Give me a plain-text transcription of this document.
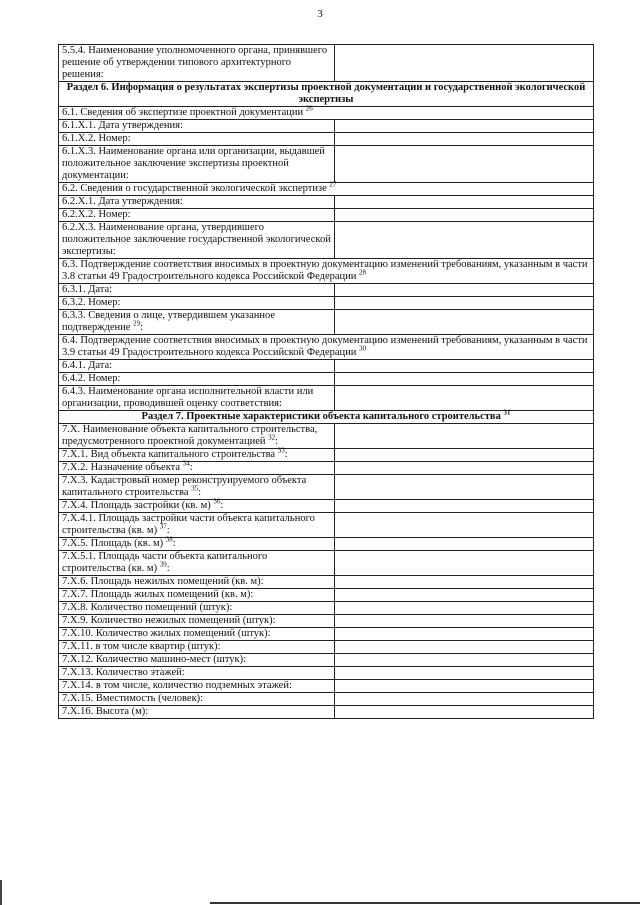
3
5.5.4. Наименование уполномоченного органа, принявшего решение об утверждении типового архитектурного решения:	
Раздел 6. Информация о результатах экспертизы проектной документации и государственной экологической экспертизы	
6.1. Сведения об экспертизе проектной документации $^{26}$
6.1.Х.1. Дата утверждения:	
6.1.Х.2. Номер:	
6.1.Х.3. Наименование органа или организации, выдавшей положительное заключение экспертизы проектной документации:	
6.2. Сведения о государственной экологической экспертизе $^{27}$
6.2.Х.1. Дата утверждения:	
6.2.Х.2. Номер:	
6.2.Х.3. Наименование органа, утвердившего положительное заключение государственной экологической экспертизы:	
6.3. Подтверждение соответствия вносимых в проектную документацию изменений требованиям, указанным в части 3.8 статьи 49 Градостроительного кодекса Российской Федерации $^{28}$
6.3.1. Дата:	
6.3.2. Номер:	
6.3.3. Сведения о лице, утвердившем указанное подтверждение $^{29}$:	
6.4. Подтверждение соответствия вносимых в проектную документацию изменений требованиям, указанным в части 3.9 статьи 49 Градостроительного кодекса Российской Федерации $^{30}$
6.4.1. Дата:	
6.4.2. Номер:	
6.4.3. Наименование органа исполнительной власти или организации, проводившей оценку соответствия:	
Раздел 7. Проектные характеристики объекта капитального строительства $^{31}$
7.Х. Наименование объекта капитального строительства, предусмотренного проектной документацией $^{32}$:	
7.Х.1. Вид объекта капитального строительства $^{33}$:	
7.Х.2. Назначение объекта $^{34}$:	
7.Х.3. Кадастровый номер реконструируемого объекта капитального строительства $^{35}$:	
7.Х.4. Площадь застройки (кв. м) $^{36}$:	
7.Х.4.1. Площадь застройки части объекта капитального строительства (кв. м) $^{37}$:	
7.Х.5. Площадь (кв. м) $^{38}$:	
7.Х.5.1. Площадь части объекта капитального строительства (кв. м) $^{39}$:	
7.Х.6. Площадь нежилых помещений (кв. м):	
7.Х.7. Площадь жилых помещений (кв. м):	
7.Х.8. Количество помещений (штук):	
7.Х.9. Количество нежилых помещений (штук):	
7.Х.10. Количество жилых помещений (штук):	
7.Х.11. в том числе квартир (штук):	
7.Х.12. Количество машино-мест (штук):	
7.Х.13. Количество этажей:	
7.Х.14. в том числе, количество подземных этажей:	
7.Х.15. Вместимость (человек):	
7.Х.16. Высота (м):	
